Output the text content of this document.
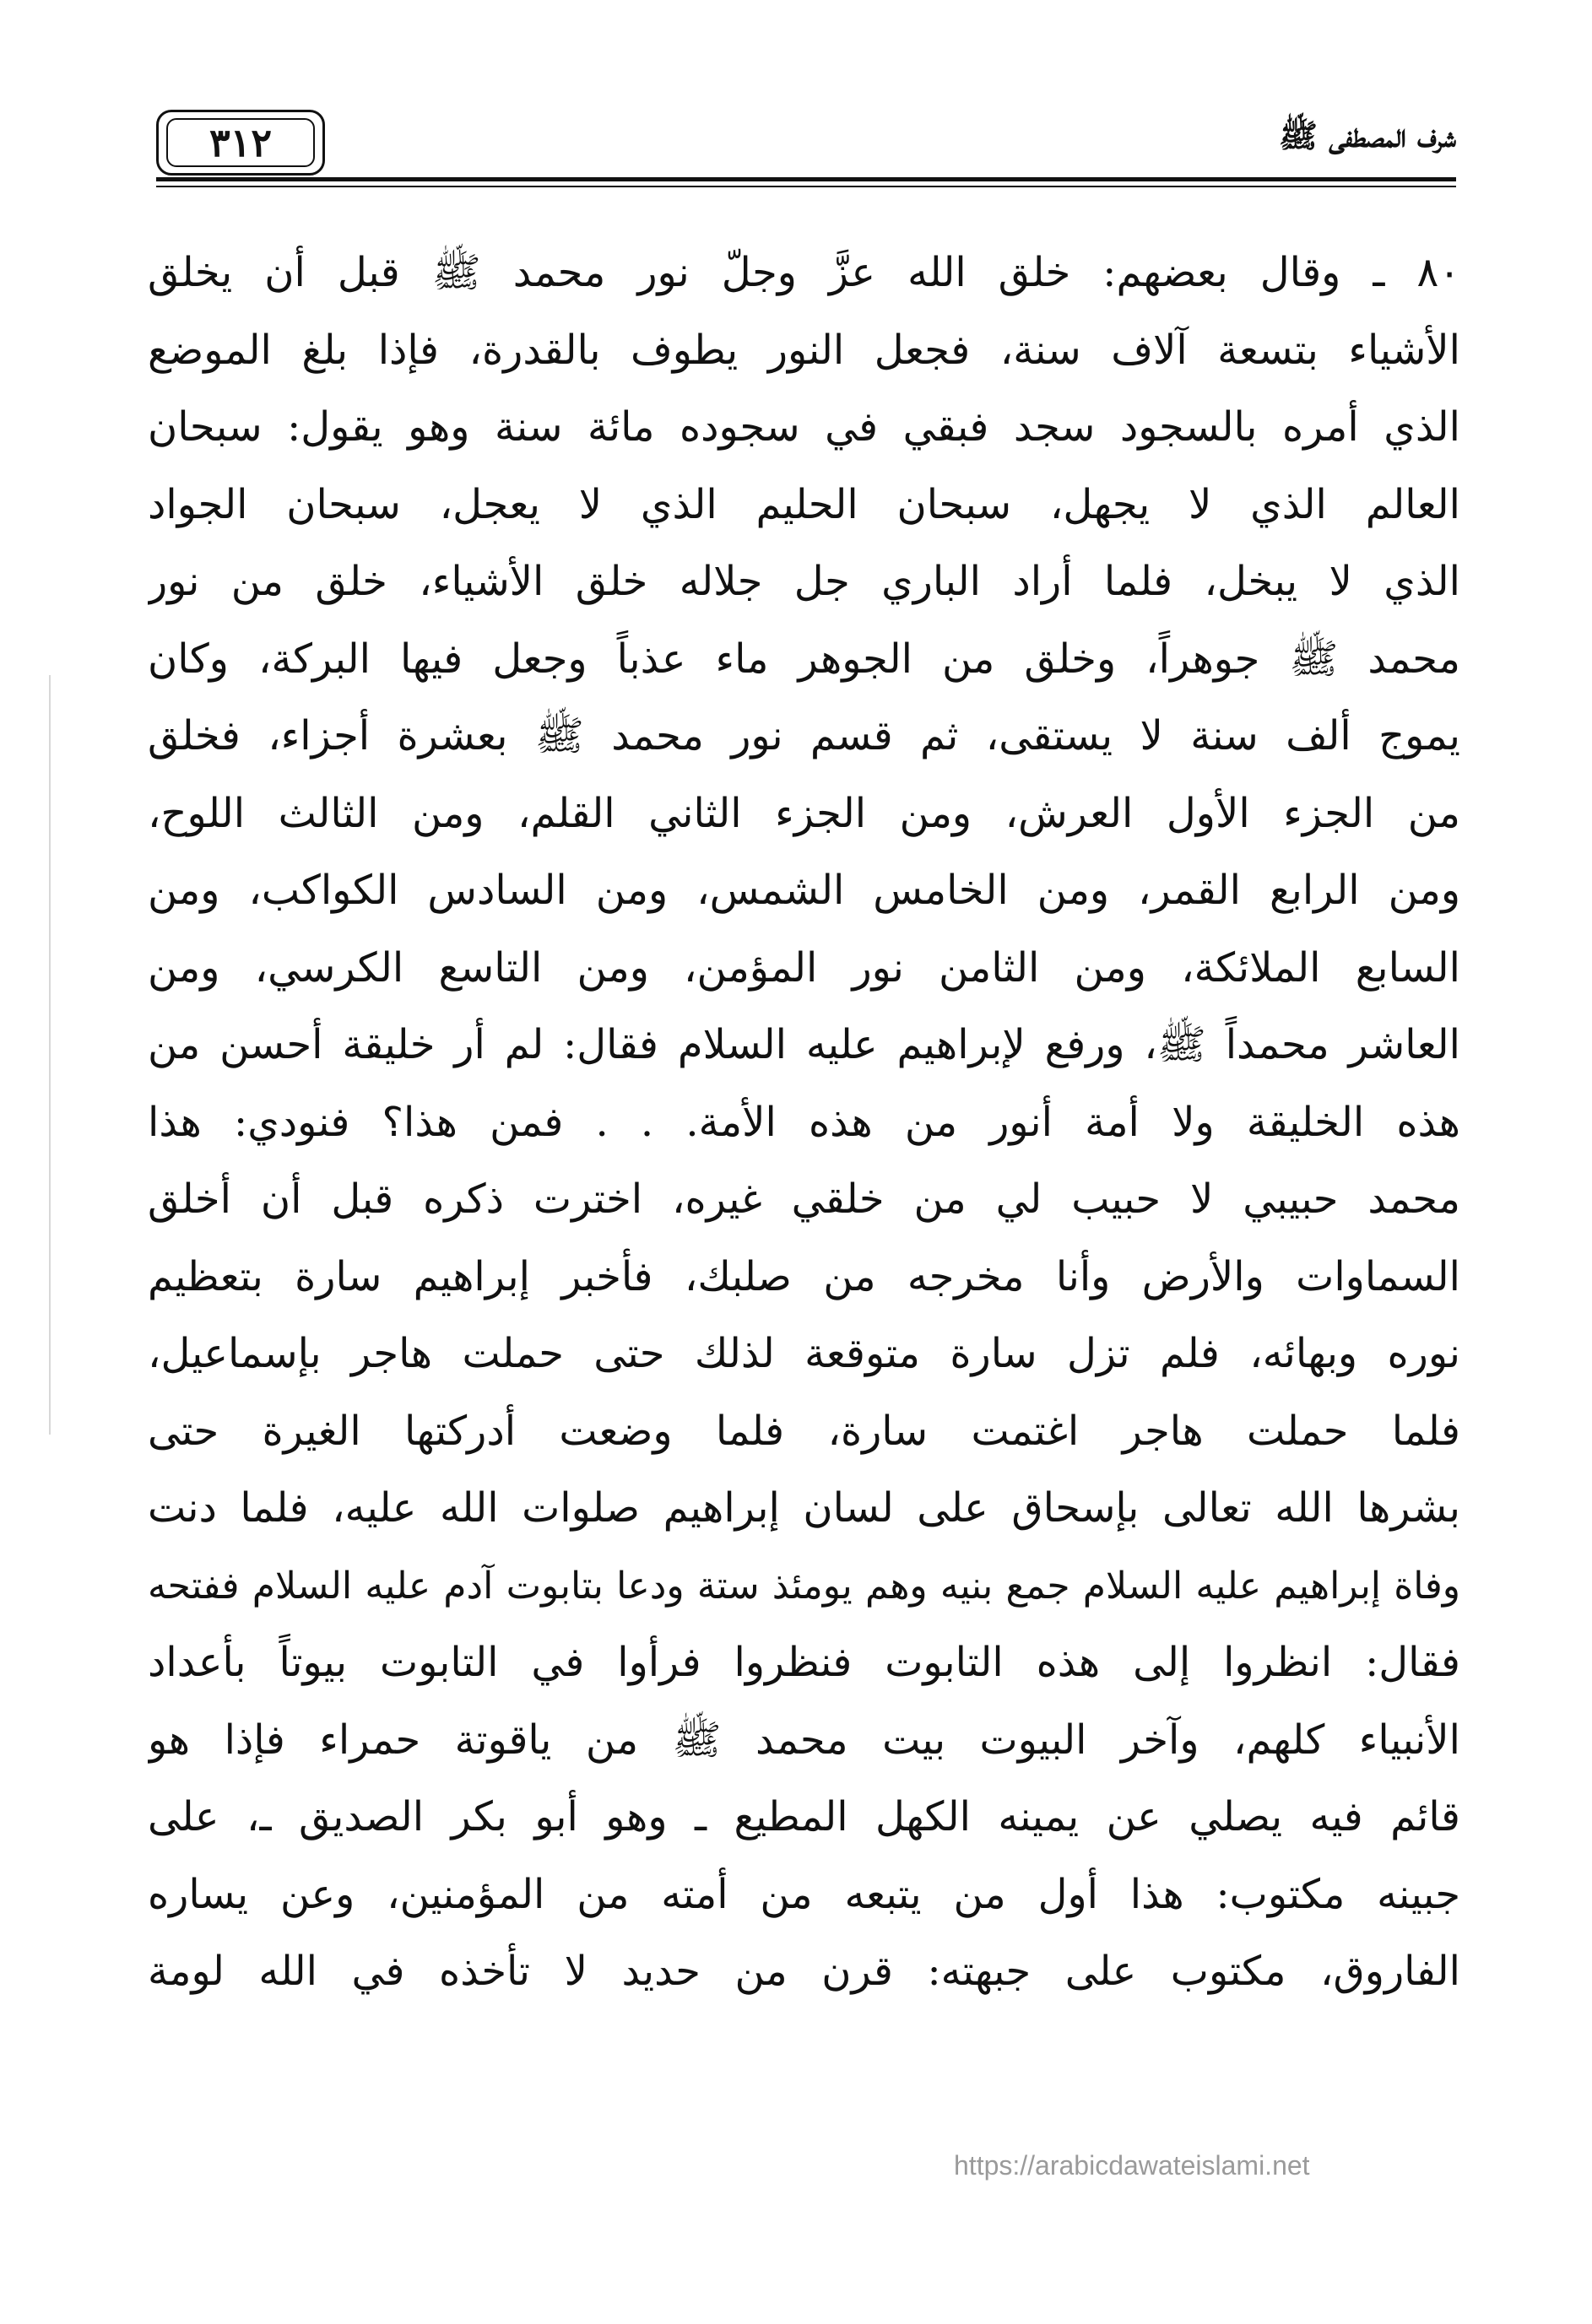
٣١٢	شرف المصطفى ﷺ
٨٠ ـ وقال بعضهم: خلق الله عزَّ وجلّ نور محمد ﷺ قبل أن يخلق
الأشياء بتسعة آلاف سنة، فجعل النور يطوف بالقدرة، فإذا بلغ الموضع
الذي أمره بالسجود سجد فبقي في سجوده مائة سنة وهو يقول: سبحان
العالم الذي لا يجهل، سبحان الحليم الذي لا يعجل، سبحان الجواد
الذي لا يبخل، فلما أراد الباري جل جلاله خلق الأشياء، خلق من نور
محمد ﷺ جوهراً، وخلق من الجوهر ماء عذباً وجعل فيها البركة، وكان
يموج ألف سنة لا يستقى، ثم قسم نور محمد ﷺ بعشرة أجزاء، فخلق
من الجزء الأول العرش، ومن الجزء الثاني القلم، ومن الثالث اللوح،
ومن الرابع القمر، ومن الخامس الشمس، ومن السادس الكواكب، ومن
السابع الملائكة، ومن الثامن نور المؤمن، ومن التاسع الكرسي، ومن
العاشر محمداً ﷺ، ورفع لإبراهيم عليه السلام فقال: لم أر خليقة أحسن من
هذه الخليقة ولا أمة أنور من هذه الأمة. . . فمن هذا؟ فنودي: هذا
محمد حبيبي لا حبيب لي من خلقي غيره، اخترت ذكره قبل أن أخلق
السماوات والأرض وأنا مخرجه من صلبك، فأخبر إبراهيم سارة بتعظيم
نوره وبهائه، فلم تزل سارة متوقعة لذلك حتى حملت هاجر بإسماعيل،
فلما حملت هاجر اغتمت سارة، فلما وضعت أدركتها الغيرة حتى
بشرها الله تعالى بإسحاق على لسان إبراهيم صلوات الله عليه، فلما دنت
وفاة إبراهيم عليه السلام جمع بنيه وهم يومئذ ستة ودعا بتابوت آدم عليه السلام ففتحه
فقال: انظروا إلى هذه التابوت فنظروا فرأوا في التابوت بيوتاً بأعداد
الأنبياء كلهم، وآخر البيوت بيت محمد ﷺ من ياقوتة حمراء فإذا هو
قائم فيه يصلي عن يمينه الكهل المطيع ـ وهو أبو بكر الصديق ـ، على
جبينه مكتوب: هذا أول من يتبعه من أمته من المؤمنين، وعن يساره
الفاروق، مكتوب على جبهته: قرن من حديد لا تأخذه في الله لومة
https://arabicdawateislami.net
